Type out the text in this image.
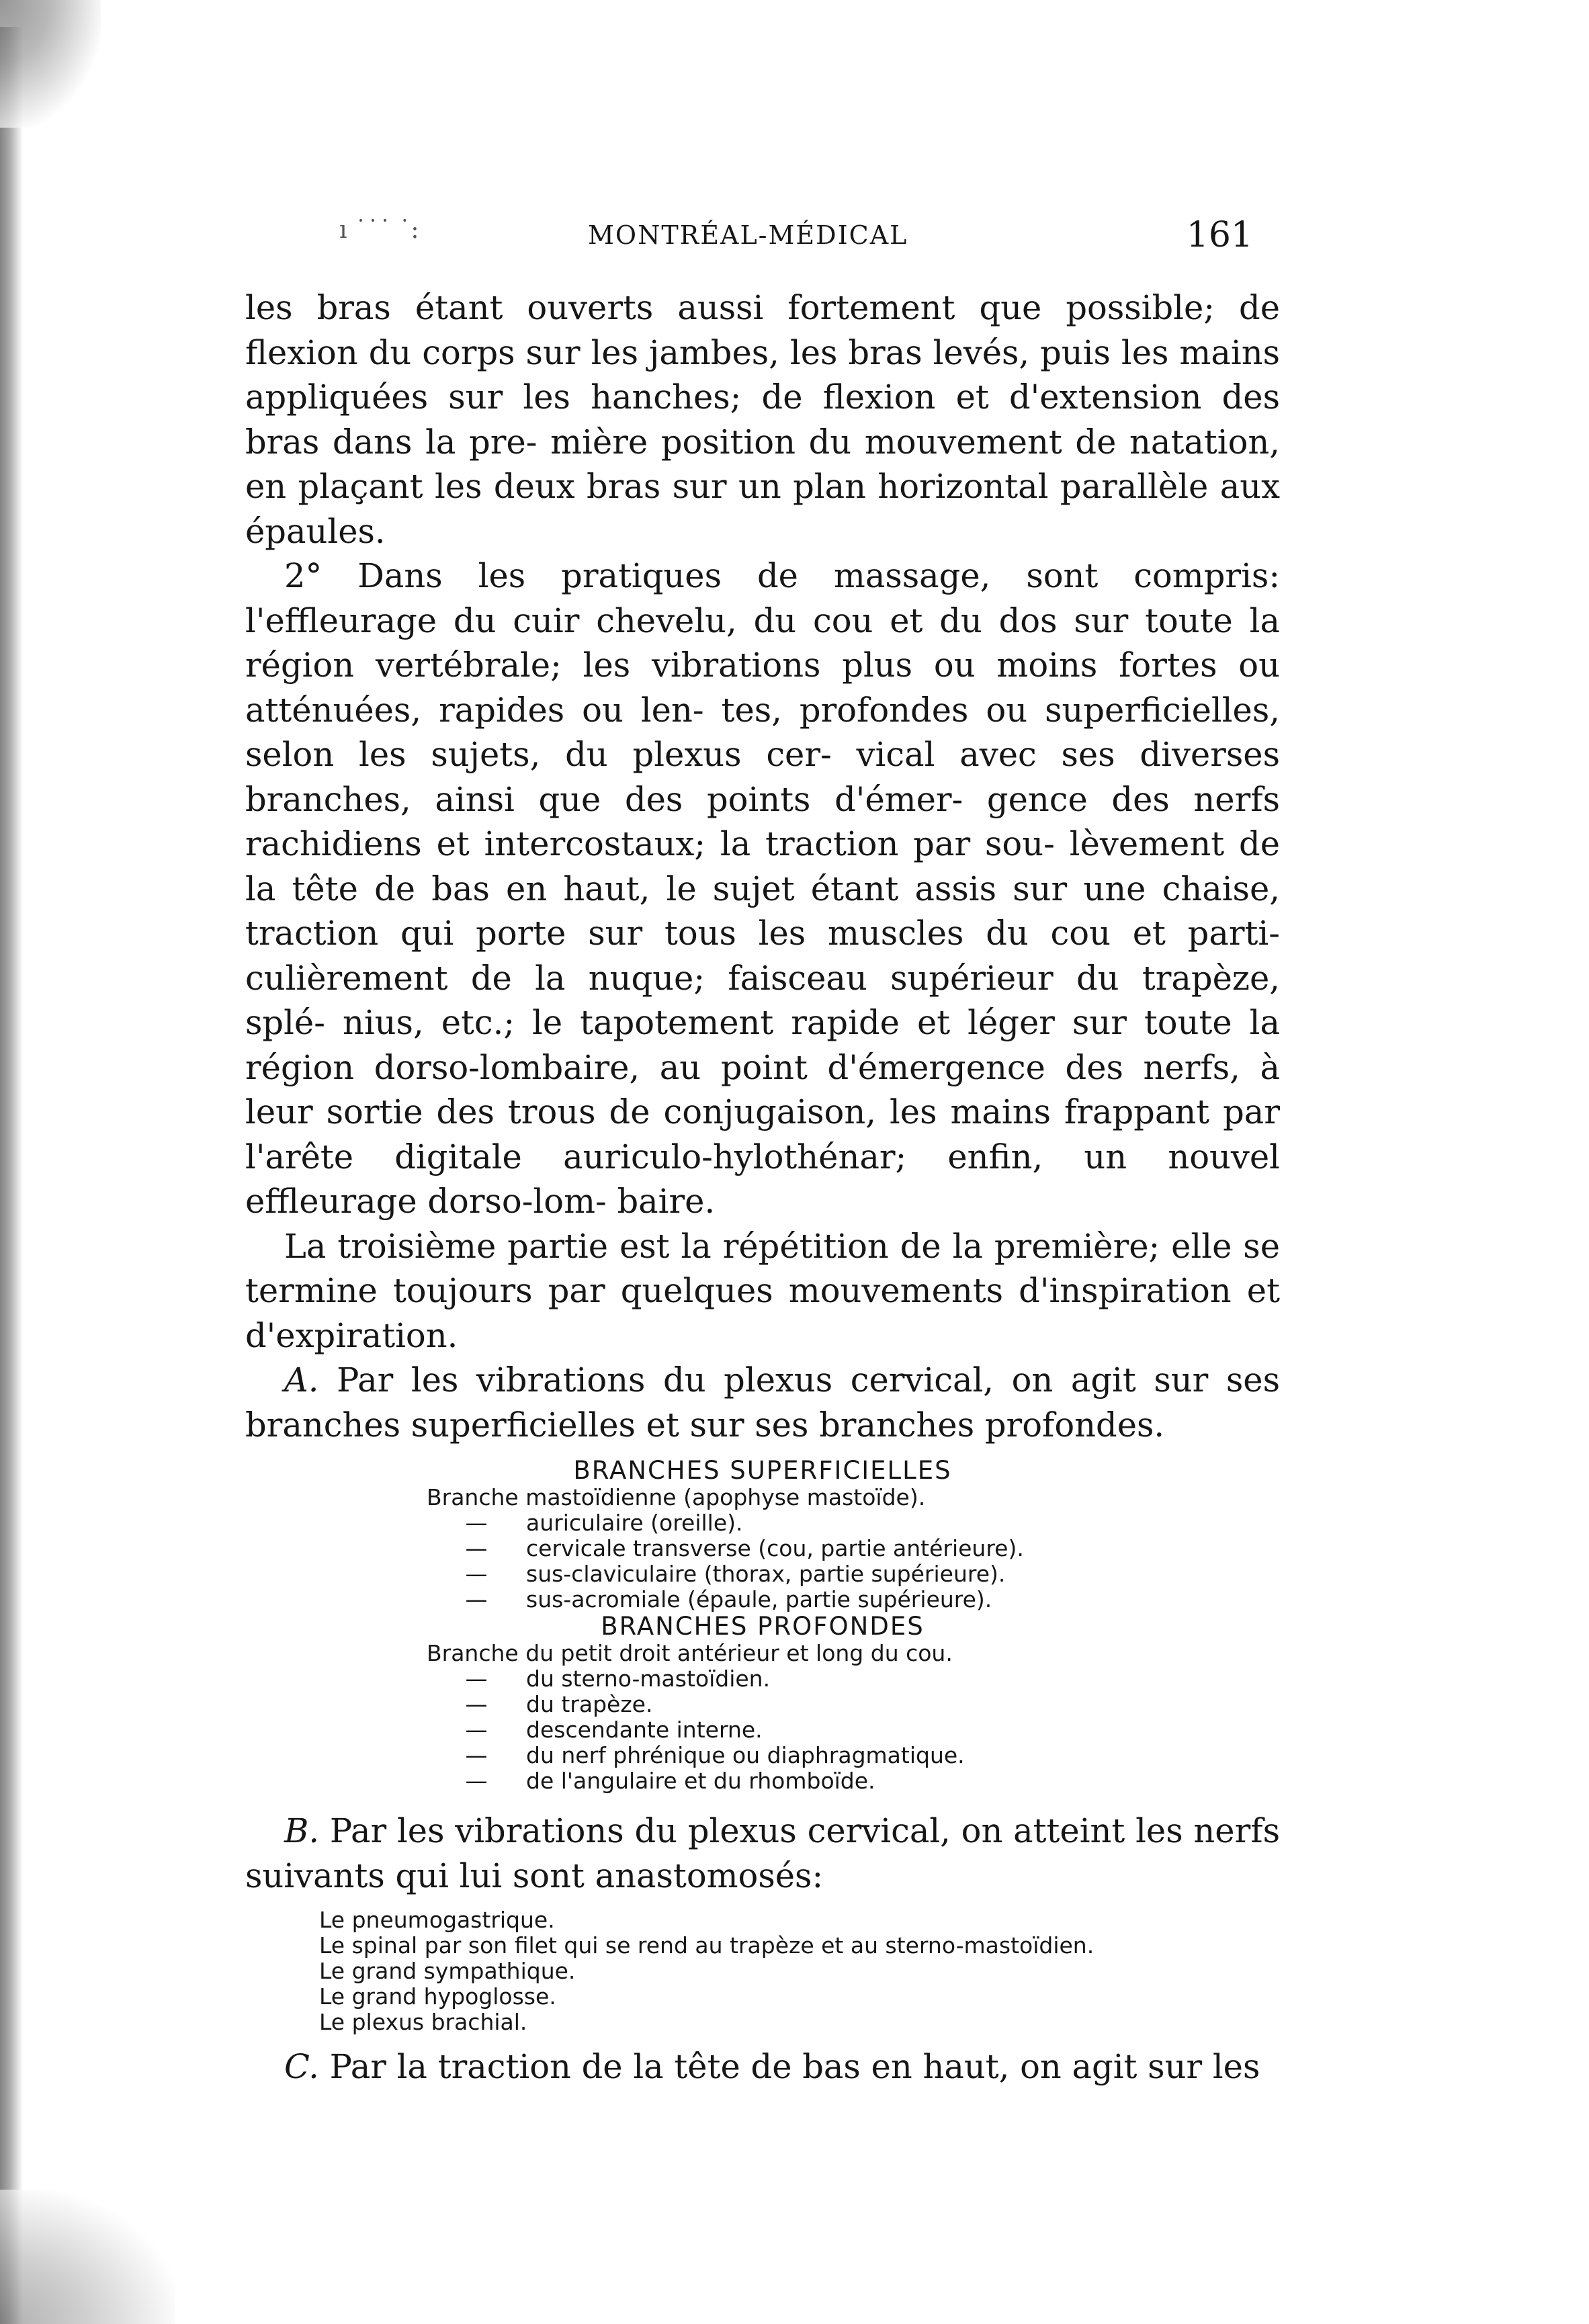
ı ˙˙˙ ˙:	MONTRÉAL-MÉDICAL	161

les bras étant ouverts aussi fortement que possible; de flexion du corps sur les jambes, les bras levés, puis les mains appliquées sur les hanches; de flexion et d'extension des bras dans la pre- mière position du mouvement de natation, en plaçant les deux bras sur un plan horizontal parallèle aux épaules.

2° Dans les pratiques de massage, sont compris: l'effleurage du cuir chevelu, du cou et du dos sur toute la région vertébrale; les vibrations plus ou moins fortes ou atténuées, rapides ou len- tes, profondes ou superficielles, selon les sujets, du plexus cer- vical avec ses diverses branches, ainsi que des points d'émer- gence des nerfs rachidiens et intercostaux; la traction par sou- lèvement de la tête de bas en haut, le sujet étant assis sur une chaise, traction qui porte sur tous les muscles du cou et parti- culièrement de la nuque; faisceau supérieur du trapèze, splé- nius, etc.; le tapotement rapide et léger sur toute la région dorso-lombaire, au point d'émergence des nerfs, à leur sortie des trous de conjugaison, les mains frappant par l'arête digitale auriculo-hylothénar; enfin, un nouvel effleurage dorso-lom- baire.

La troisième partie est la répétition de la première; elle se termine toujours par quelques mouvements d'inspiration et d'expiration.

A. Par les vibrations du plexus cervical, on agit sur ses branches superficielles et sur ses branches profondes.

BRANCHES SUPERFICIELLES
Branche mastoïdienne (apophyse mastoïde).
— auriculaire (oreille).
— cervicale transverse (cou, partie antérieure).
— sus-claviculaire (thorax, partie supérieure).
— sus-acromiale (épaule, partie supérieure).
BRANCHES PROFONDES
Branche du petit droit antérieur et long du cou.
— du sterno-mastoïdien.
— du trapèze.
— descendante interne.
— du nerf phrénique ou diaphragmatique.
— de l'angulaire et du rhomboïde.

B. Par les vibrations du plexus cervical, on atteint les nerfs suivants qui lui sont anastomosés:

Le pneumogastrique.
Le spinal par son filet qui se rend au trapèze et au sterno-mastoïdien.
Le grand sympathique.
Le grand hypoglosse.
Le plexus brachial.

C. Par la traction de la tête de bas en haut, on agit sur les
